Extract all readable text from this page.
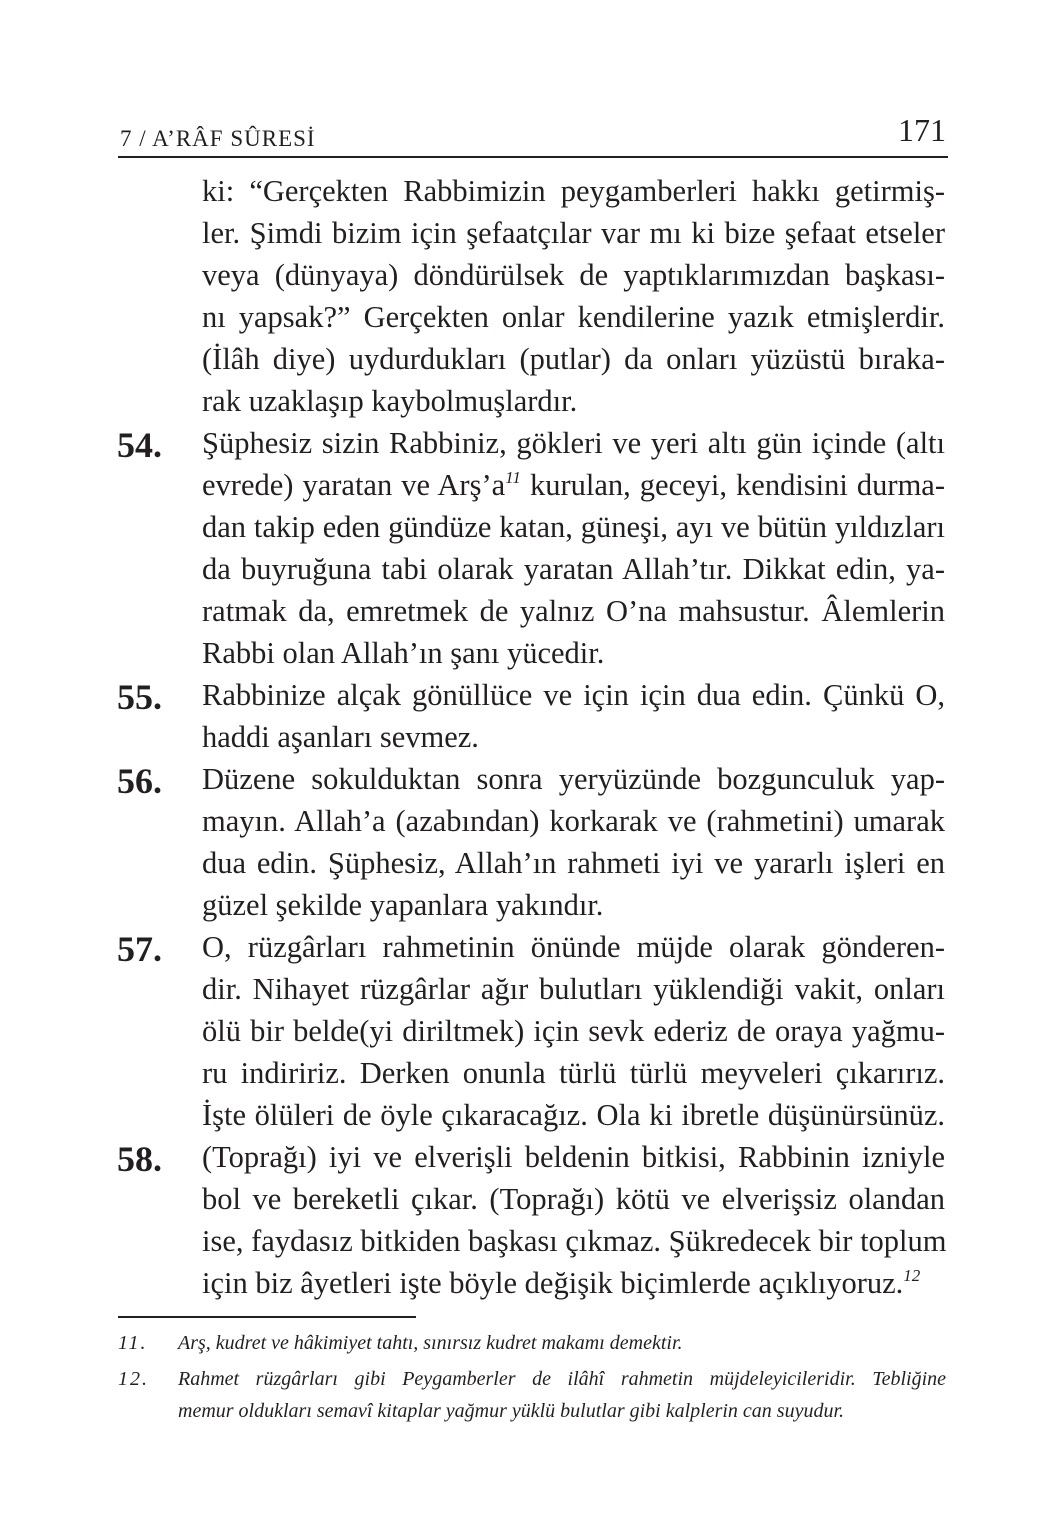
7 / A’RÂF SÛRESİ	171
ki: “Gerçekten Rabbimizin peygamberleri hakkı getirmiş-
ler. Şimdi bizim için şefaatçılar var mı ki bize şefaat etseler
veya (dünyaya) döndürülsek de yaptıklarımızdan başkası-
nı yapsak?” Gerçekten onlar kendilerine yazık etmişlerdir.
(İlâh diye) uydurdukları (putlar) da onları yüzüstü bıraka-
rak uzaklaşıp kaybolmuşlardır.
54. Şüphesiz sizin Rabbiniz, gökleri ve yeri altı gün içinde (altı
evrede) yaratan ve $Arş’a^{11}$ kurulan, geceyi, kendisini durma-
dan takip eden gündüze katan, güneşi, ayı ve bütün yıldızları
da buyruğuna tabi olarak yaratan Allah’tır. Dikkat edin, ya-
ratmak da, emretmek de yalnız O’na mahsustur. Âlemlerin
Rabbi olan Allah’ın şanı yücedir.
55. Rabbinize alçak gönüllüce ve için için dua edin. Çünkü O,
haddi aşanları sevmez.
56. Düzene sokulduktan sonra yeryüzünde bozgunculuk yap-
mayın. Allah’a (azabından) korkarak ve (rahmetini) umarak
dua edin. Şüphesiz, Allah’ın rahmeti iyi ve yararlı işleri en
güzel şekilde yapanlara yakındır.
57. O, rüzgârları rahmetinin önünde müjde olarak gönderen-
dir. Nihayet rüzgârlar ağır bulutları yüklendiği vakit, onları
ölü bir belde(yi diriltmek) için sevk ederiz de oraya yağmu-
ru indiririz. Derken onunla türlü türlü meyveleri çıkarırız.
İşte ölüleri de öyle çıkaracağız. Ola ki ibretle düşünürsünüz.
58. (Toprağı) iyi ve elverişli beldenin bitkisi, Rabbinin izniyle
bol ve bereketli çıkar. (Toprağı) kötü ve elverişsiz olandan
ise, faydasız bitkiden başkası çıkmaz. Şükredecek bir toplum
için biz âyetleri işte böyle değişik biçimlerde açıklıyoruz.$^{12}$
11. Arş, kudret ve hâkimiyet tahtı, sınırsız kudret makamı demektir.
12. Rahmet rüzgârları gibi Peygamberler de ilâhî rahmetin müjdeleyicileridir. Tebliğine
memur oldukları semavî kitaplar yağmur yüklü bulutlar gibi kalplerin can suyudur.
